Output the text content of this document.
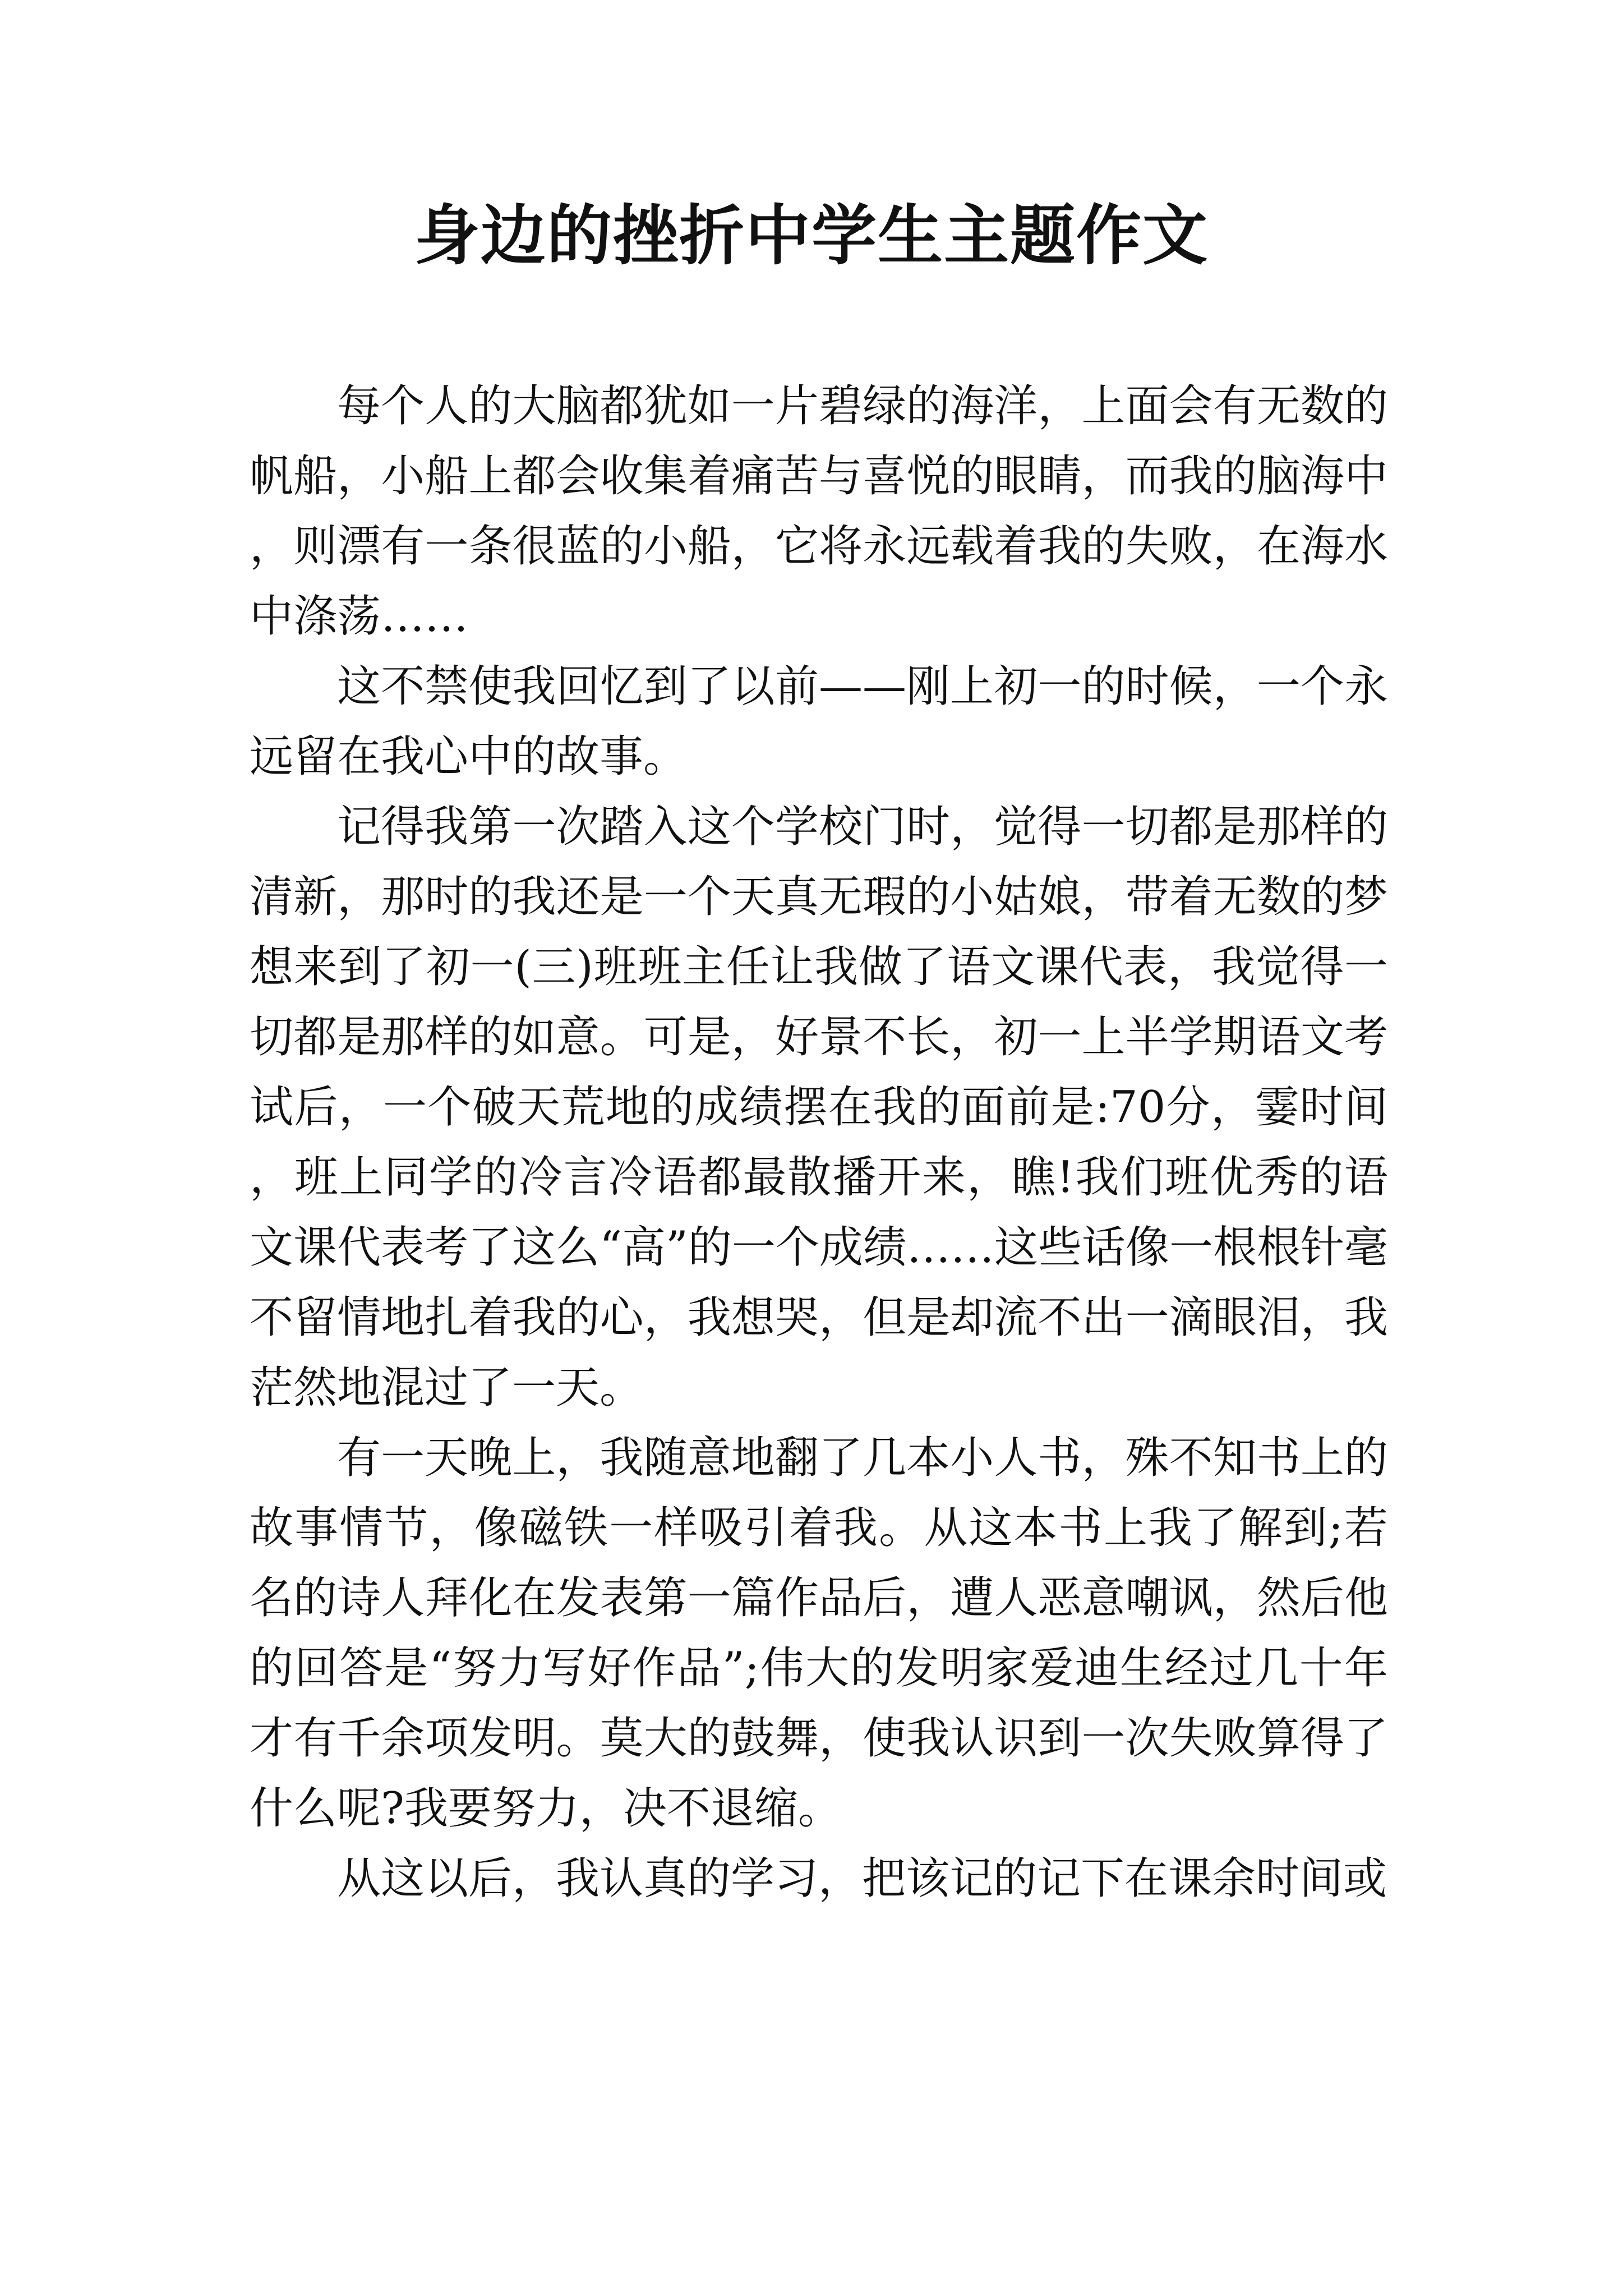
身边的挫折中学生主题作文

每个人的大脑都犹如一片碧绿的海洋，上面会有无数的帆船，小船上都会收集着痛苦与喜悦的眼睛，而我的脑海中，则漂有一条很蓝的小船，它将永远载着我的失败，在海水中涤荡……

这不禁使我回忆到了以前——刚上初一的时候，一个永远留在我心中的故事。

记得我第一次踏入这个学校门时，觉得一切都是那样的清新，那时的我还是一个天真无瑕的小姑娘，带着无数的梦想来到了初一(三)班班主任让我做了语文课代表，我觉得一切都是那样的如意。可是，好景不长，初一上半学期语文考试后，一个破天荒地的成绩摆在我的面前是:70分，霎时间，班上同学的冷言冷语都最散播开来，瞧!我们班优秀的语文课代表考了这么“高”的一个成绩……这些话像一根根针毫不留情地扎着我的心，我想哭，但是却流不出一滴眼泪，我茫然地混过了一天。

有一天晚上，我随意地翻了几本小人书，殊不知书上的故事情节，像磁铁一样吸引着我。从这本书上我了解到;若名的诗人拜化在发表第一篇作品后，遭人恶意嘲讽，然后他的回答是“努力写好作品”;伟大的发明家爱迪生经过几十年才有千余项发明。莫大的鼓舞，使我认识到一次失败算得了什么呢?我要努力，决不退缩。

从这以后，我认真的学习，把该记的记下在课余时间或
